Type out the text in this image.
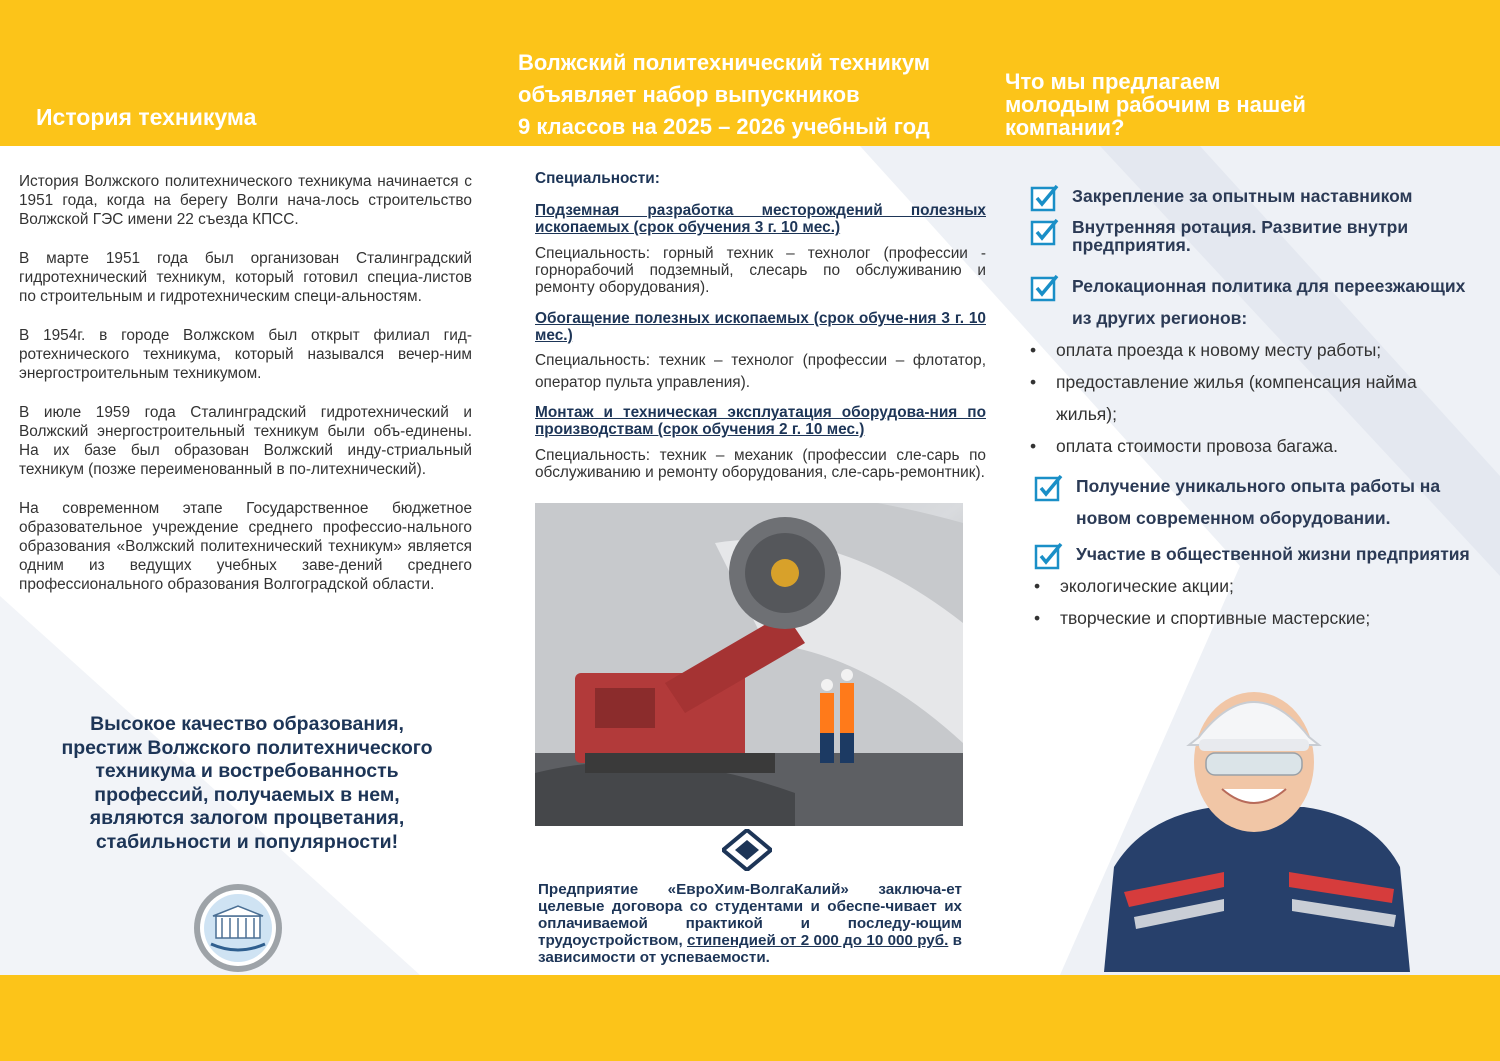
История техникума
Волжский политехнический техникум
объявляет набор выпускников
9 классов на 2025 – 2026 учебный год
Что мы предлагаем
молодым рабочим в нашей
компании?

История Волжского политехнического техникума начинается с 1951 года, когда на берегу Волги нача-лось строительство Волжской ГЭС имени 22 съезда КПСС.

В марте 1951 года был организован Сталинградский гидротехнический техникум, который готовил специа-листов по строительным и гидротехническим специ-альностям.

В 1954г. в городе Волжском был открыт филиал гид-ротехнического техникума, который назывался вечер-ним энергостроительным техникумом.

В июле 1959 года Сталинградский гидротехнический и Волжский энергостроительный техникум были объ-единены. На их базе был образован Волжский инду-стриальный техникум (позже переименованный в по-литехнический).

На современном этапе Государственное бюджетное образовательное учреждение среднего профессио-нального образования «Волжский политехнический техникум» является одним из ведущих учебных заве-дений среднего профессионального образования Волгоградской области.

Высокое качество образования,
престиж Волжского политехнического
техникума и востребованность
профессий, получаемых в нем,
являются залогом процветания,
стабильности и популярности!
Специальности:
Подземная разработка месторождений полезных ископаемых (срок обучения 3 г. 10 мес.)
Специальность: горный техник – технолог (профессии - горнорабочий подземный, слесарь по обслуживанию и ремонту оборудования).
Обогащение полезных ископаемых (срок обуче-ния 3 г. 10 мес.)
Специальность: техник – технолог (профессии – флотатор, оператор пульта управления).
Монтаж и техническая эксплуатация оборудова-ния по производствам (срок обучения 2 г. 10 мес.)
Специальность: техник – механик (профессии сле-сарь по обслуживанию и ремонту оборудования, сле-сарь-ремонтник).
Предприятие «ЕвроХим-ВолгаКалий» заключа-ет целевые договора со студентами и обеспе-чивает их оплачиваемой практикой и последу-ющим трудоустройством, стипендией от 2 000 до 10 000 руб. в зависимости от успеваемости.
Закрепление за опытным наставником
Внутренняя ротация. Развитие внутри предприятия.
Релокационная политика для переезжающих из других регионов:
• оплата проезда к новому месту работы;
• предоставление жилья (компенсация найма жилья);
• оплата стоимости провоза багажа.
Получение уникального опыта работы на новом современном оборудовании.
Участие в общественной жизни предприятия
• экологические акции;
• творческие и спортивные мастерские;
